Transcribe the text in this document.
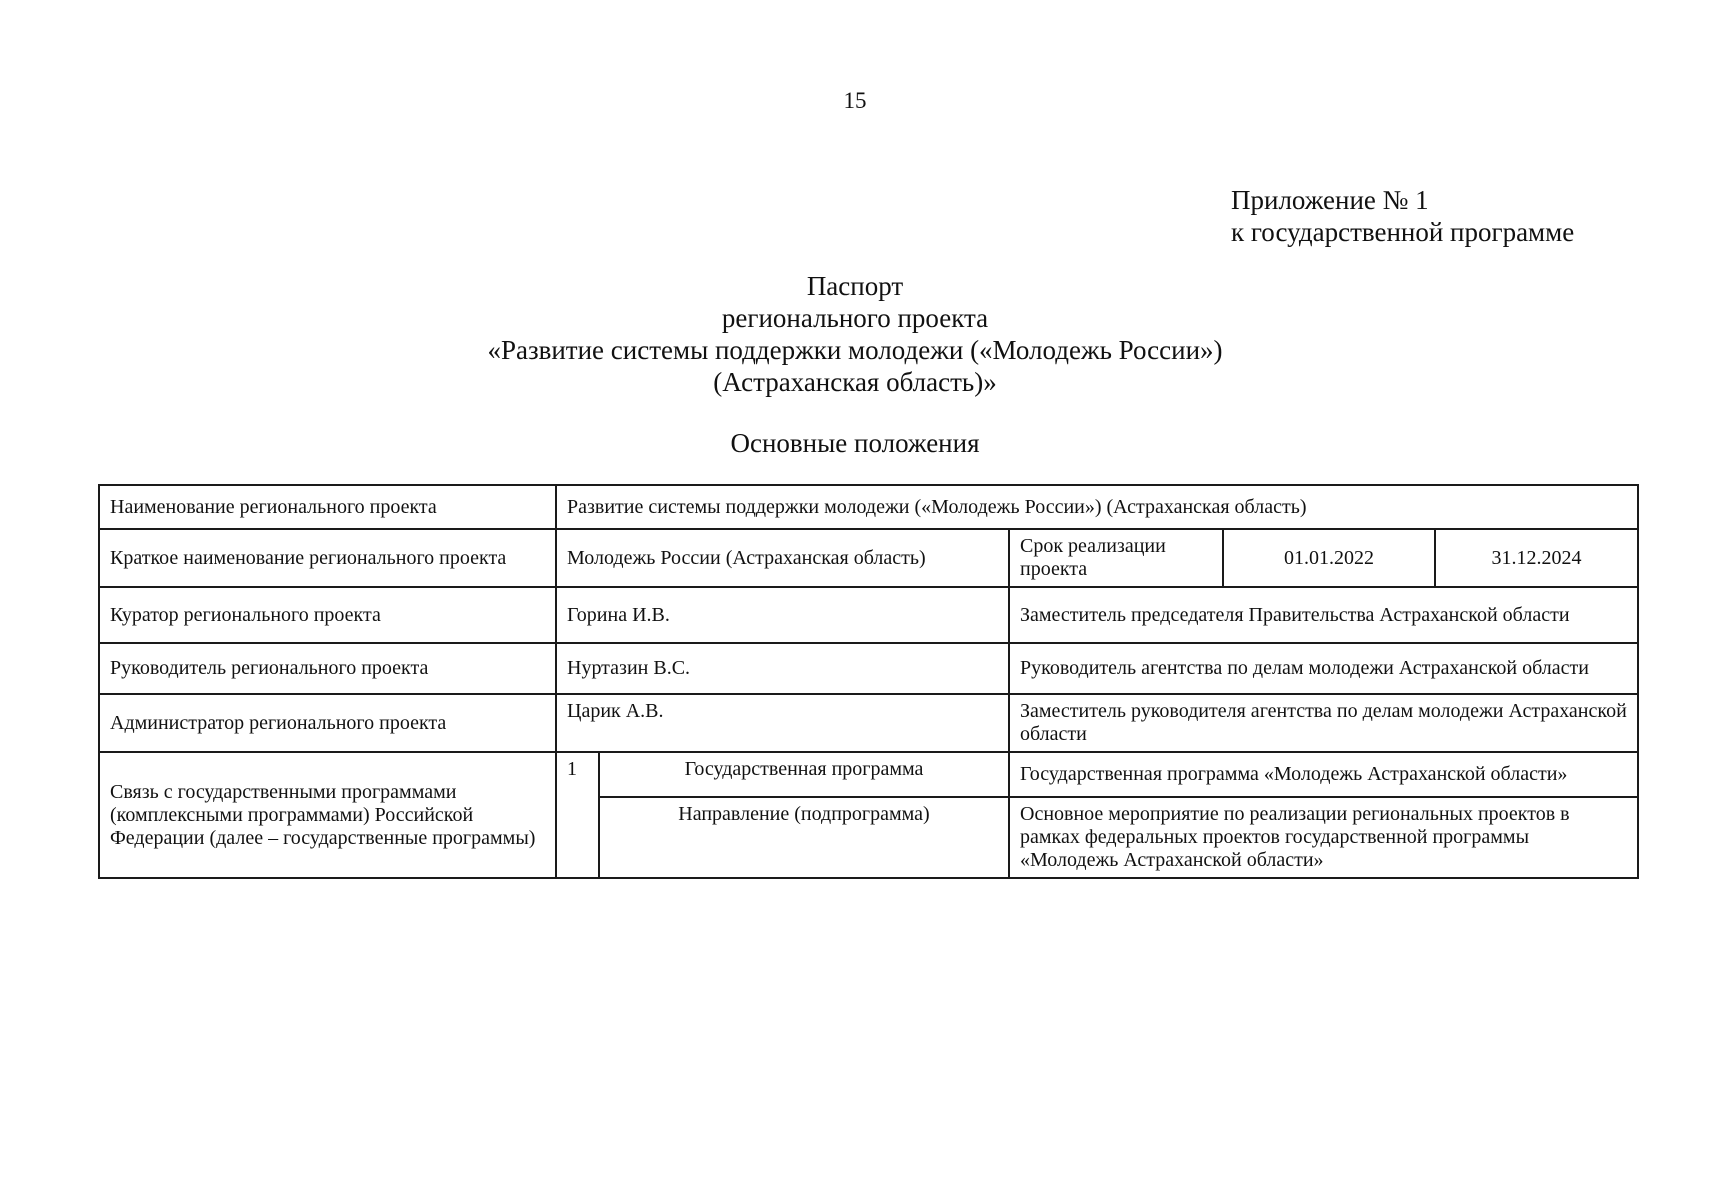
15
Приложение № 1
к государственной программе
Паспорт
регионального проекта
«Развитие системы поддержки молодежи («Молодежь России»)
(Астраханская область)»
Основные положения
Наименование регионального проекта	Развитие системы поддержки молодежи («Молодежь России») (Астраханская область)				
Краткое наименование регионального проекта	Молодежь России (Астраханская область)		Срок реализации проекта	01.01.2022	31.12.2024
Куратор регионального проекта	Горина И.В.		Заместитель председателя Правительства Астраханской области		
Руководитель регионального проекта	Нуртазин В.С.		Руководитель агентства по делам молодежи Астраханской области		
Администратор регионального проекта	Царик А.В.		Заместитель руководителя агентства по делам молодежи Астраханской области		
Связь с государственными программами (комплексными программами) Российской Федерации (далее – государственные программы)	1	Государственная программа	Государственная программа «Молодежь Астраханской области»		
		Направление (подпрограмма)	Основное мероприятие по реализации региональных проектов в рамках федеральных проектов государственной программы «Молодежь Астраханской области»		
